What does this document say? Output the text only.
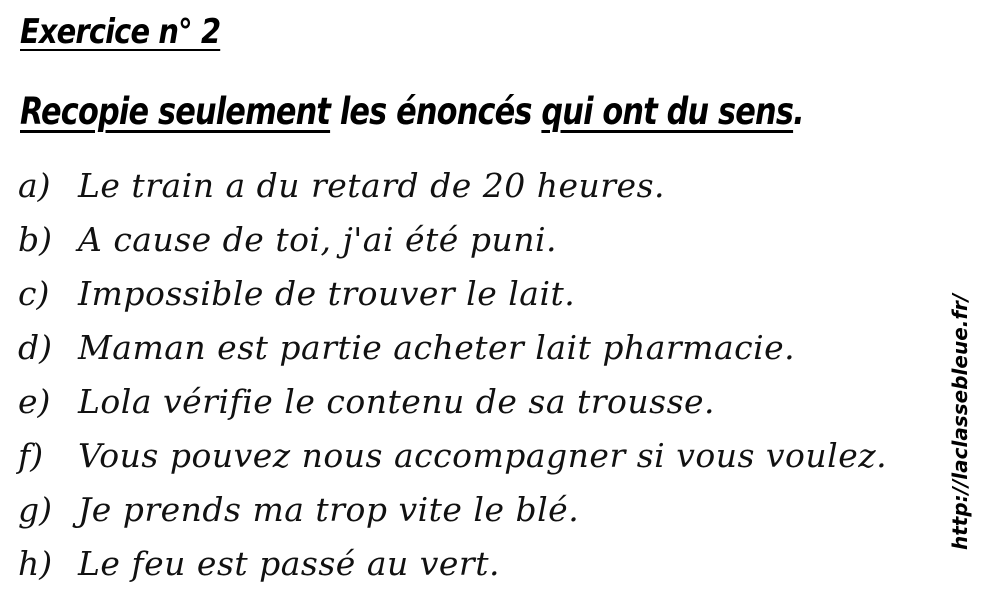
Exercice n° 2
Recopie seulement les énoncés qui ont du sens.
a) Le train a du retard de 20 heures.
b) A cause de toi, j'ai été puni.
c) Impossible de trouver le lait.
d) Maman est partie acheter lait pharmacie.
e) Lola vérifie le contenu de sa trousse.
f)	Vous pouvez nous accompagner si vous voulez.
g) Je prends ma trop vite le blé.
h) Le feu est passé au vert.
http://laclassebleue.fr/
